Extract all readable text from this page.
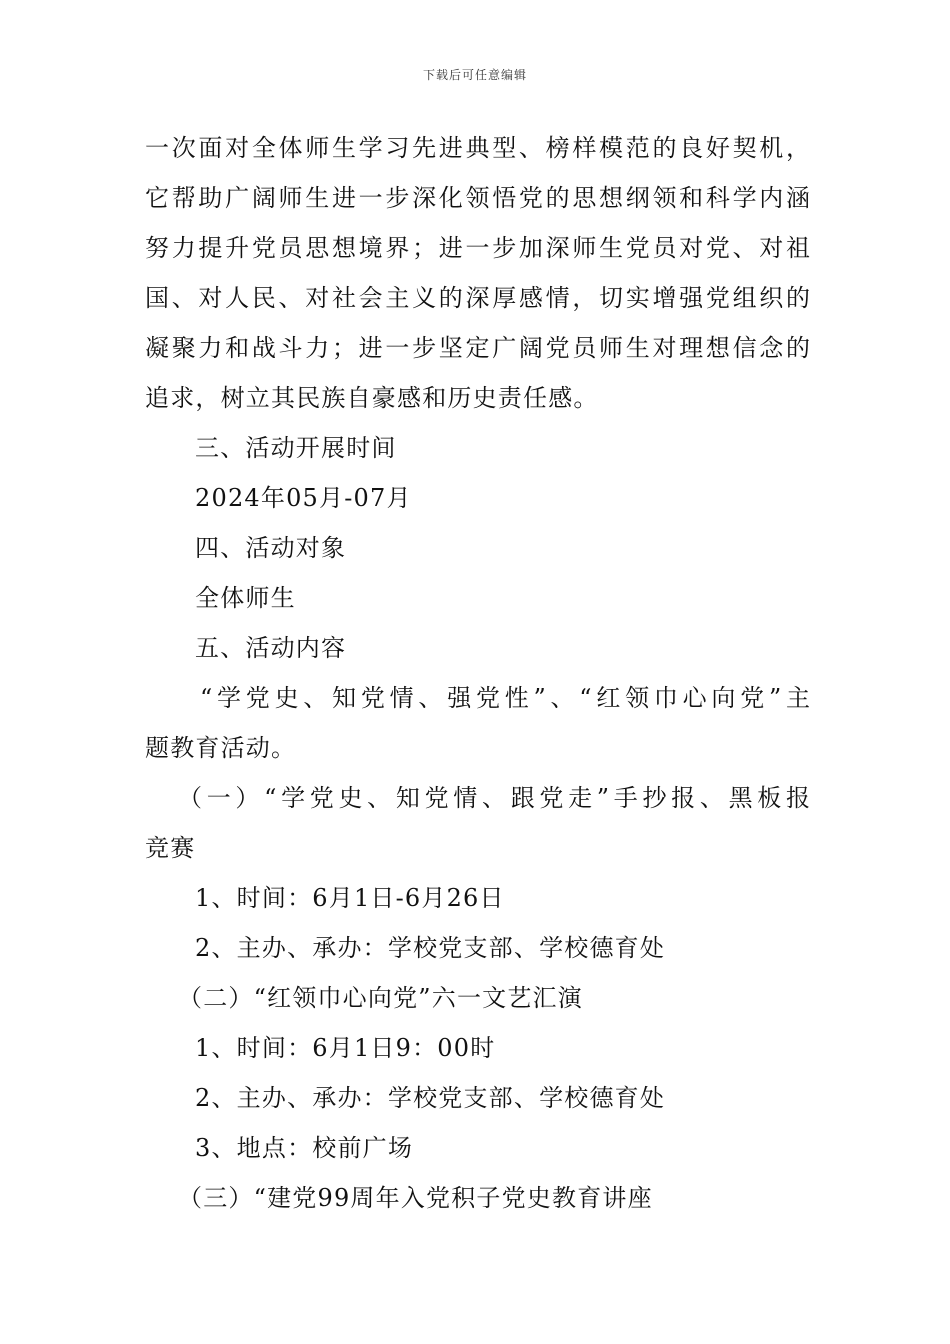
下载后可任意编辑
一次面对全体师生学习先进典型、榜样模范的良好契机，
它帮助广阔师生进一步深化领悟党的思想纲领和科学内涵
努力提升党员思想境界；进一步加深师生党员对党、对祖
国、对人民、对社会主义的深厚感情，切实增强党组织的
凝聚力和战斗力；进一步坚定广阔党员师生对理想信念的
追求，树立其民族自豪感和历史责任感。
三、活动开展时间
2024年05月-07月
四、活动对象
全体师生
五、活动内容
“学党史、知党情、强党性”、“红领巾心向党”主
题教育活动。
（一）“学党史、知党情、跟党走”手抄报、黑板报
竞赛
1、时间：6月1日-6月26日
2、主办、承办：学校党支部、学校德育处
（二）“红领巾心向党”六一文艺汇演
1、时间：6月1日9：00时
2、主办、承办：学校党支部、学校德育处
3、地点：校前广场
（三）“建党99周年入党积子党史教育讲座
